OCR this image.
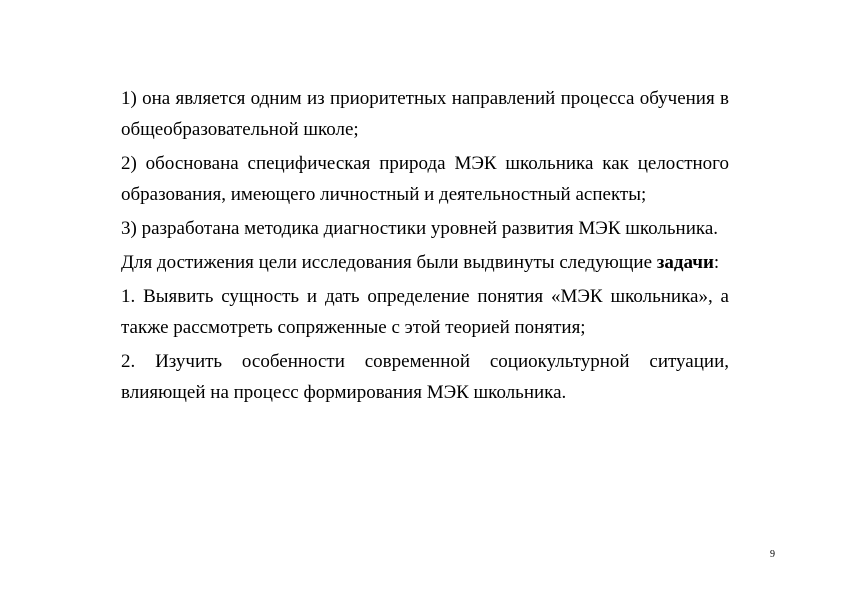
1) она является одним из приоритетных направлений процесса обучения в общеобразовательной школе;

2) обоснована специфическая природа МЭК школьника как целостного образования, имеющего личностный и деятельностный аспекты;

3) разработана методика диагностики уровней развития МЭК школьника.

Для достижения цели исследования были выдвинуты следующие задачи:

1. Выявить сущность и дать определение понятия «МЭК школьника», а также рассмотреть сопряженные с этой теорией понятия;

2. Изучить особенности современной социокультурной ситуации, влияющей на процесс формирования МЭК школьника.

9
